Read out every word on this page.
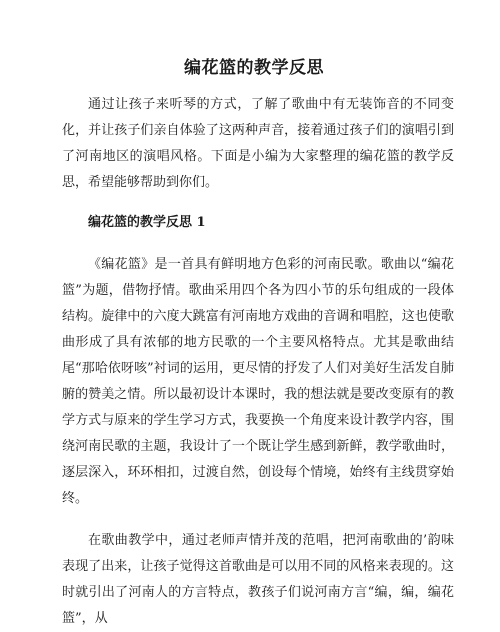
编花篮的教学反思

通过让孩子来听琴的方式，了解了歌曲中有无装饰音的不同变化，并让孩子们亲自体验了这两种声音，接着通过孩子们的演唱引到了河南地区的演唱风格。下面是小编为大家整理的编花篮的教学反思，希望能够帮助到你们。

编花篮的教学反思 1

《编花篮》是一首具有鲜明地方色彩的河南民歌。歌曲以“编花篮”为题，借物抒情。歌曲采用四个各为四小节的乐句组成的一段体结构。旋律中的六度大跳富有河南地方戏曲的音调和唱腔，这也使歌曲形成了具有浓郁的地方民歌的一个主要风格特点。尤其是歌曲结尾“那哈依呀咳”衬词的运用，更尽情的抒发了人们对美好生活发自肺腑的赞美之情。所以最初设计本课时，我的想法就是要改变原有的教学方式与原来的学生学习方式，我要换一个角度来设计教学内容，围绕河南民歌的主题，我设计了一个既让学生感到新鲜，教学歌曲时，逐层深入，环环相扣，过渡自然，创设每个情境，始终有主线贯穿始终。

在歌曲教学中，通过老师声情并茂的范唱，把河南歌曲的’韵味表现了出来，让孩子觉得这首歌曲是可以用不同的风格来表现的。这时就引出了河南人的方言特点，教孩子们说河南方言“编，编，编花篮”，从
